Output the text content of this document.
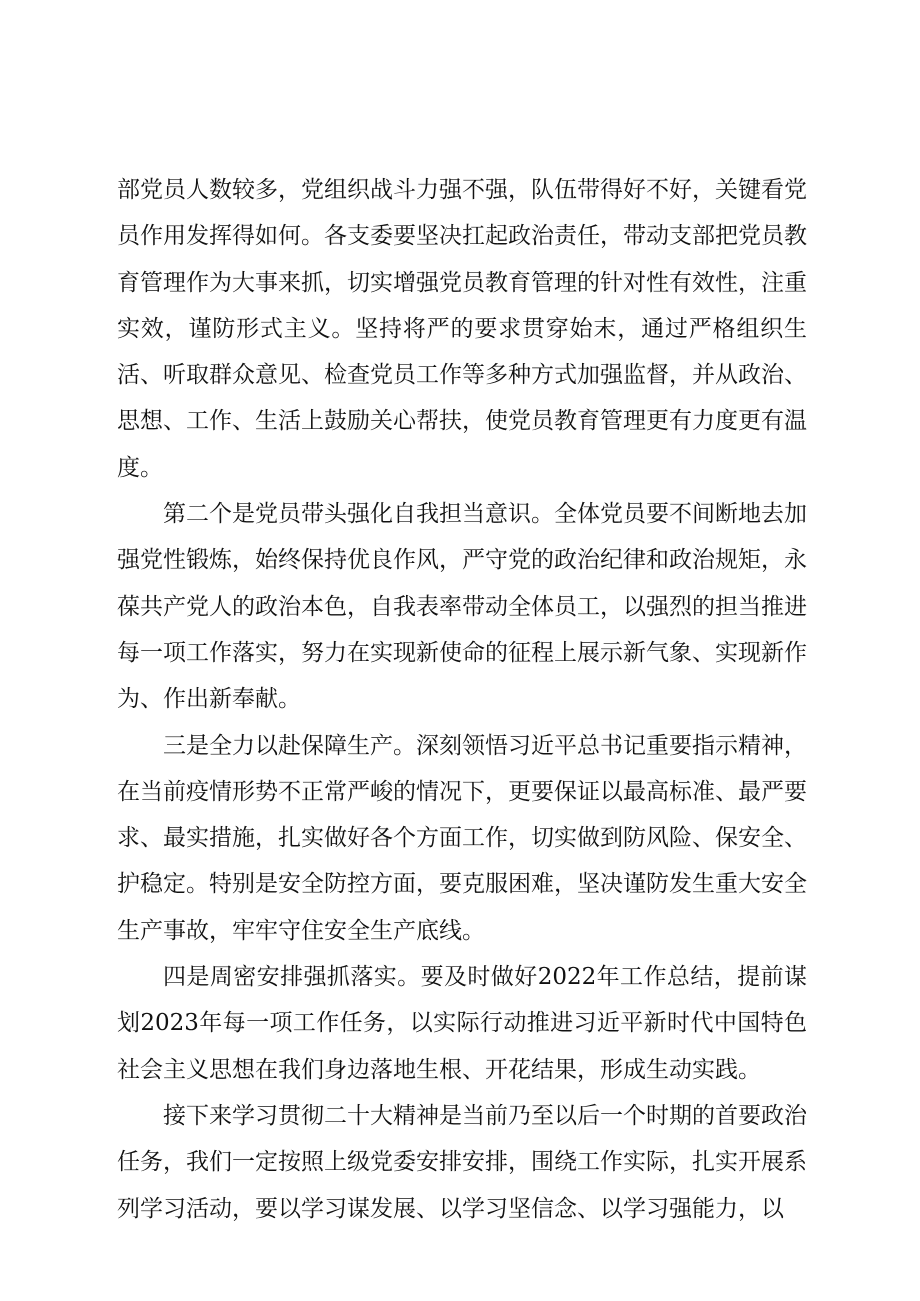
部党员人数较多，党组织战斗力强不强，队伍带得好不好，关键看党员作用发挥得如何。各支委要坚决扛起政治责任，带动支部把党员教育管理作为大事来抓，切实增强党员教育管理的针对性有效性，注重实效，谨防形式主义。坚持将严的要求贯穿始末，通过严格组织生活、听取群众意见、检查党员工作等多种方式加强监督，并从政治、思想、工作、生活上鼓励关心帮扶，使党员教育管理更有力度更有温度。

第二个是党员带头强化自我担当意识。全体党员要不间断地去加强党性锻炼，始终保持优良作风，严守党的政治纪律和政治规矩，永葆共产党人的政治本色，自我表率带动全体员工，以强烈的担当推进每一项工作落实，努力在实现新使命的征程上展示新气象、实现新作为、作出新奉献。

三是全力以赴保障生产。深刻领悟习近平总书记重要指示精神，在当前疫情形势不正常严峻的情况下，更要保证以最高标准、最严要求、最实措施，扎实做好各个方面工作，切实做到防风险、保安全、护稳定。特别是安全防控方面，要克服困难，坚决谨防发生重大安全生产事故，牢牢守住安全生产底线。

四是周密安排强抓落实。要及时做好2022年工作总结，提前谋划2023年每一项工作任务，以实际行动推进习近平新时代中国特色社会主义思想在我们身边落地生根、开花结果，形成生动实践。

接下来学习贯彻二十大精神是当前乃至以后一个时期的首要政治任务，我们一定按照上级党委安排安排，围绕工作实际，扎实开展系列学习活动，要以学习谋发展、以学习坚信念、以学习强能力，以
